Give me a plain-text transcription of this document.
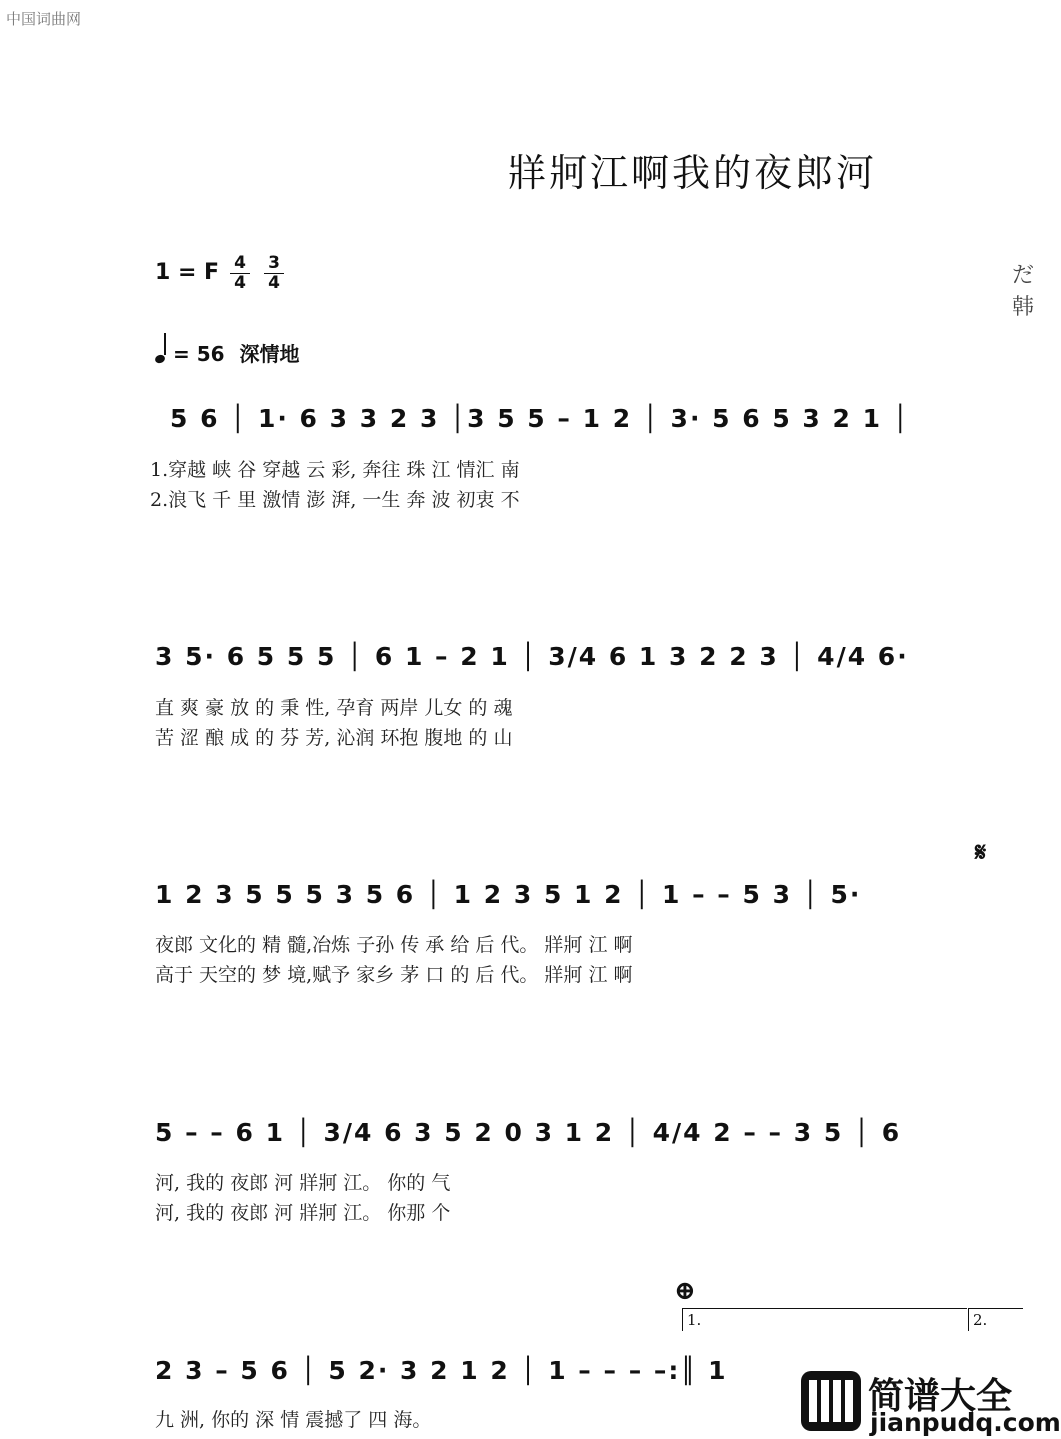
中国词曲网
牂牁江啊我的夜郎河
1 = F 4
4
3
4	だ
韩
= 56 深情地
5 6 │ 1· 6 3 3 2 3 │3 5 5 – 1 2 │ 3· 5 6 5 3 2 1 │
1.穿越 峡 谷 穿越 云 彩, 奔往 珠 江 情汇 南
2.浪飞 千 里 激情 澎 湃, 一生 奔 波 初衷 不
3 5· 6 5 5 5 │ 6 1 – 2 1 │ 3/4 6 1 3 2 2 3 │ 4/4 6·
直 爽 豪 放 的 秉 性, 孕育 两岸 儿女 的 魂
苦 涩 酿 成 的 芬 芳, 沁润 环抱 腹地 的 山
𝄋
1 2 3 5 5 5 3 5 6 │ 1 2 3 5 1 2 │ 1 – – 5 3 │ 5·
夜郎 文化的 精 髓,冶炼 子孙 传 承 给 后 代。 牂牁 江 啊
高于 天空的 梦 境,赋予 家乡 茅 口 的 后 代。 牂牁 江 啊
5 – – 6 1 │ 3/4 6 3 5 2 0 3 1 2 │ 4/4 2 – – 3 5 │ 6
河, 我的 夜郎 河 牂牁 江。 你的 气
河, 我的 夜郎 河 牂牁 江。 你那 个
⊕
1.	2.
2 3 – 5 6 │ 5 2· 3 2 1 2 │ 1 – – – –:║ 1
九 洲, 你的 深 情 震撼了 四 海。
简谱大全
jianpudq.com
